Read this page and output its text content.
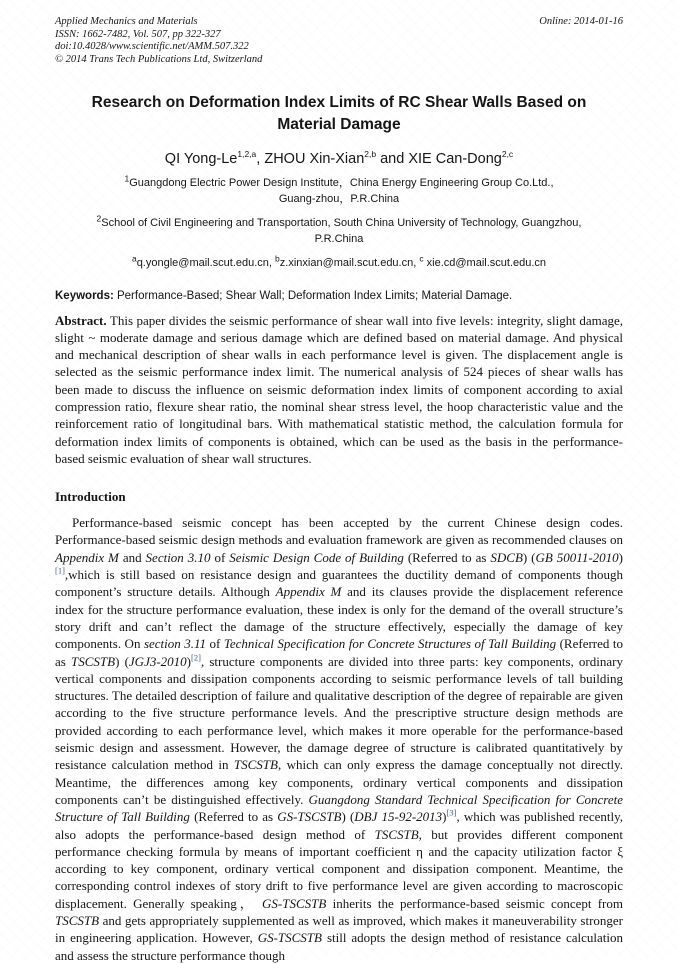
Applied Mechanics and Materials
ISSN: 1662-7482, Vol. 507, pp 322-327
doi:10.4028/www.scientific.net/AMM.507.322
© 2014 Trans Tech Publications Ltd, Switzerland
Online: 2014-01-16
Research on Deformation Index Limits of RC Shear Walls Based on Material Damage
QI Yong-Le$^{1,2,a}$, ZHOU Xin-Xian$^{2,b}$ and XIE Can-Dong$^{2,c}$
$^1$Guangdong Electric Power Design Institute，China Energy Engineering Group Co.Ltd.,
Guang-zhou，P.R.China
$^2$School of Civil Engineering and Transportation, South China University of Technology, Guangzhou,
P.R.China
$^a$q.yongle@mail.scut.edu.cn, $^b$z.xinxian@mail.scut.edu.cn, $^c$ xie.cd@mail.scut.edu.cn
Keywords: Performance-Based; Shear Wall; Deformation Index Limits; Material Damage.
Abstract. This paper divides the seismic performance of shear wall into five levels: integrity, slight damage, slight ~ moderate damage and serious damage which are defined based on material damage. And physical and mechanical description of shear walls in each performance level is given. The displacement angle is selected as the seismic performance index limit. The numerical analysis of 524 pieces of shear walls has been made to discuss the influence on seismic deformation index limits of component according to axial compression ratio, flexure shear ratio, the nominal shear stress level, the hoop characteristic value and the reinforcement ratio of longitudinal bars. With mathematical statistic method, the calculation formula for deformation index limits of components is obtained, which can be used as the basis in the performance-based seismic evaluation of shear wall structures.
Introduction

Performance-based seismic concept has been accepted by the current Chinese design codes. Performance-based seismic design methods and evaluation framework are given as recommended clauses on Appendix M and Section 3.10 of Seismic Design Code of Building (Referred to as SDCB) (GB 50011-2010)[1],which is still based on resistance design and guarantees the ductility demand of components though component’s structure details. Although Appendix M and its clauses provide the displacement reference index for the structure performance evaluation, these index is only for the demand of the overall structure’s story drift and can’t reflect the damage of the structure effectively, especially the damage of key components. On section 3.11 of Technical Specification for Concrete Structures of Tall Building (Referred to as TSCSTB) (JGJ3-2010)[2], structure components are divided into three parts: key components, ordinary vertical components and dissipation components according to seismic performance levels of tall building structures. The detailed description of failure and qualitative description of the degree of repairable are given according to the five structure performance levels. And the prescriptive structure design methods are provided according to each performance level, which makes it more operable for the performance-based seismic design and assessment. However, the damage degree of structure is calibrated quantitatively by resistance calculation method in TSCSTB, which can only express the damage conceptually not directly. Meantime, the differences among key components, ordinary vertical components and dissipation components can’t be distinguished effectively. Guangdong Standard Technical Specification for Concrete Structure of Tall Building (Referred to as GS-TSCSTB) (DBJ 15-92-2013)[3], which was published recently, also adopts the performance-based design method of TSCSTB, but provides different component performance checking formula by means of important coefficient η and the capacity utilization factor ξ according to key component, ordinary vertical component and dissipation component. Meantime, the corresponding control indexes of story drift to five performance level are given according to macroscopic displacement. Generally speaking， GS-TSCSTB inherits the performance-based seismic concept from TSCSTB and gets appropriately supplemented as well as improved, which makes it maneuverability stronger in engineering application. However, GS-TSCSTB still adopts the design method of resistance calculation and assess the structure performance though
